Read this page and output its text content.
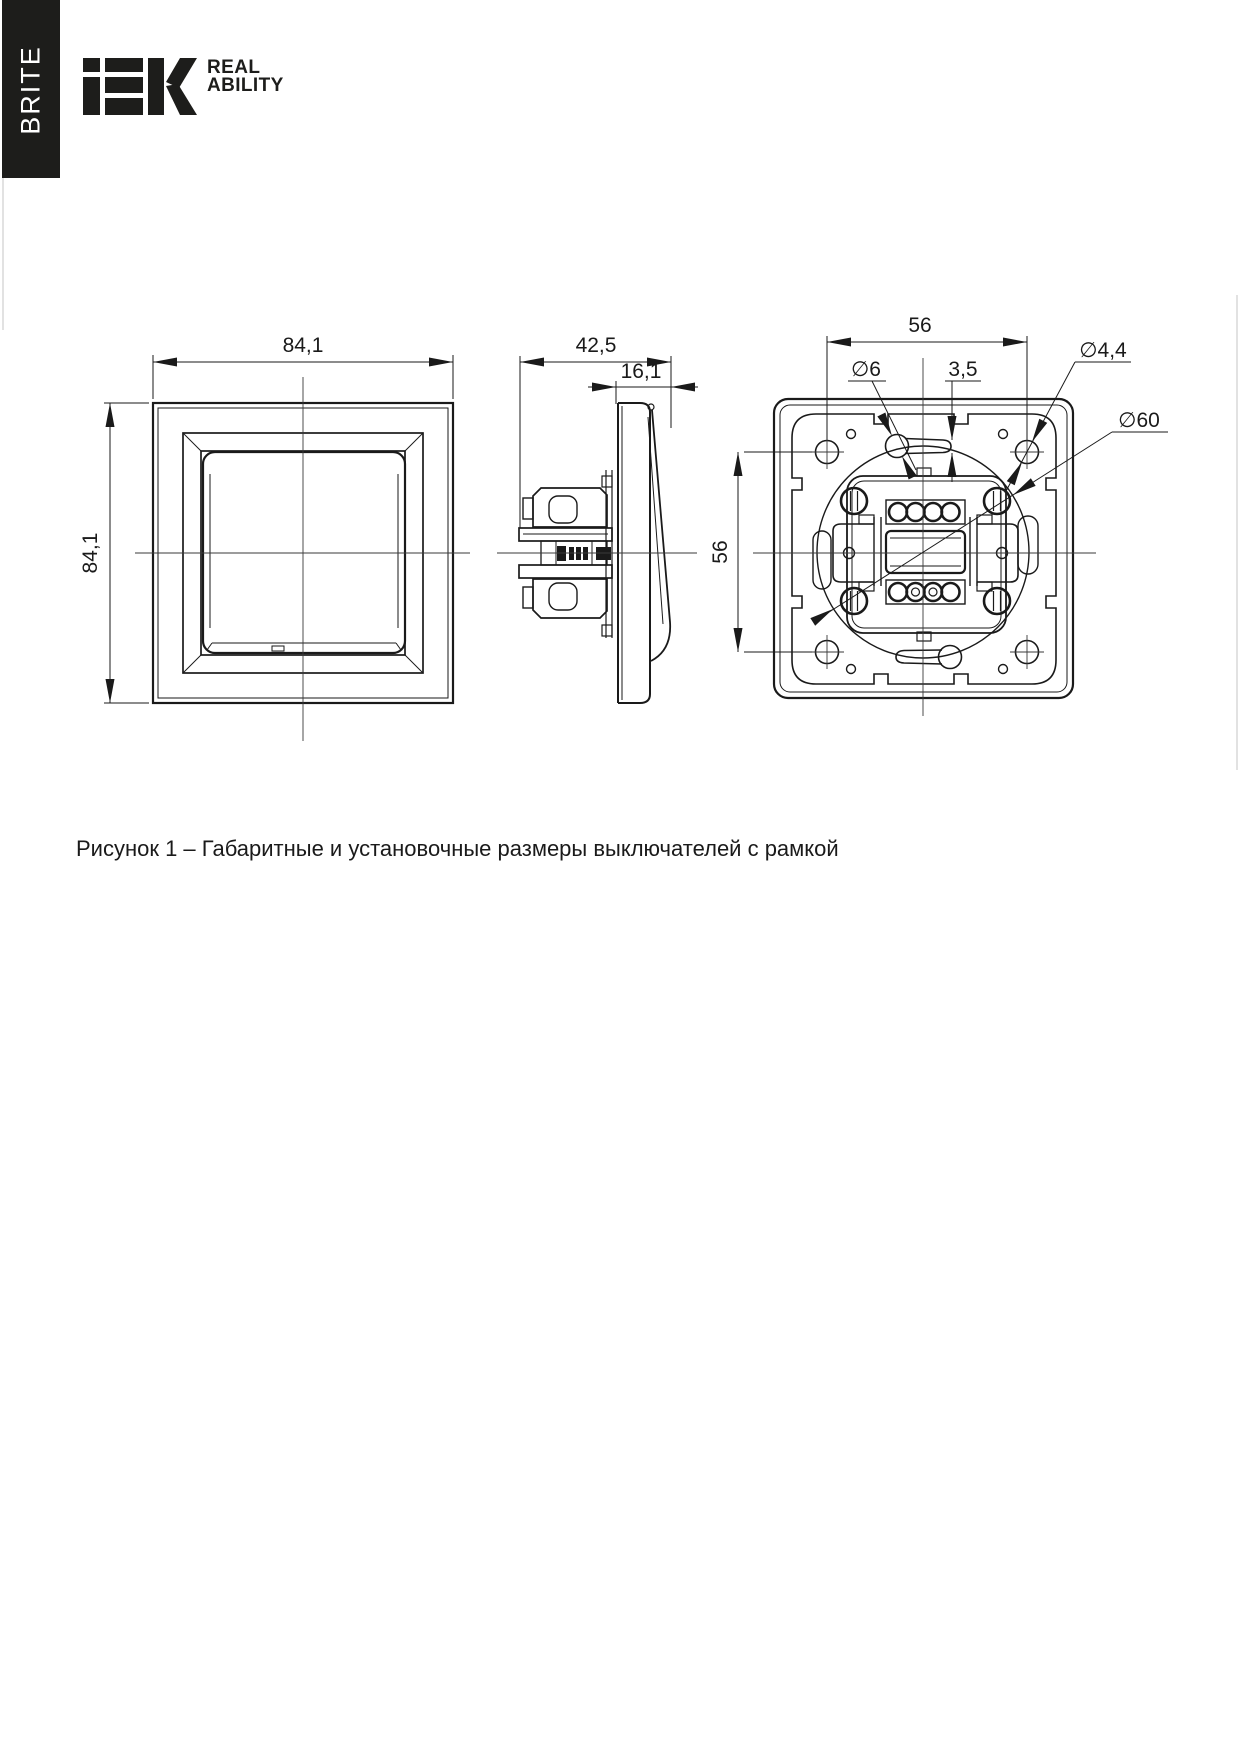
BRITE	REAL
ABILITY
84,1
84,1
42,5
16,1
56
56
∅6	3,5
∅4,4
∅60
Рисунок 1 – Габаритные и установочные размеры выключателей с рамкой
